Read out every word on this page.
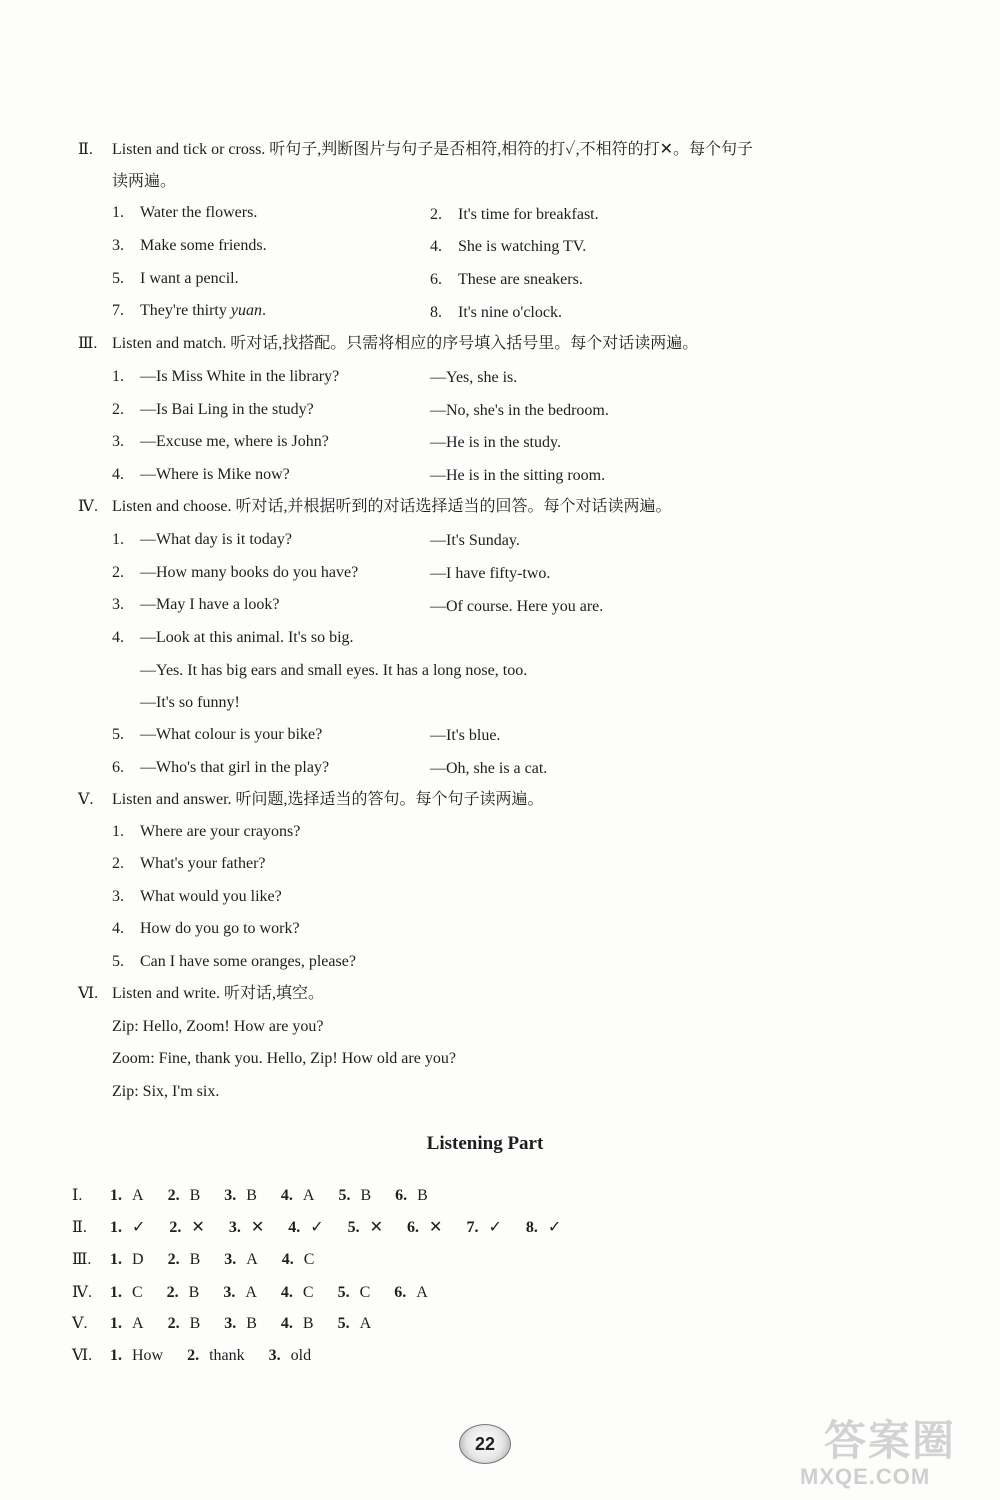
Ⅱ. Listen and tick or cross. 听句子,判断图片与句子是否相符,相符的打✓,不相符的打✕。每个句子
读两遍。
1. Water the flowers.	2. It's time for breakfast.
3. Make some friends.	4. She is watching TV.
5. I want a pencil.	6. These are sneakers.
7. They're thirty yuan.	8. It's nine o'clock.
Ⅲ. Listen and match. 听对话,找搭配。只需将相应的序号填入括号里。每个对话读两遍。
1. —Is Miss White in the library?	—Yes, she is.
2. —Is Bai Ling in the study?	—No, she's in the bedroom.
3. —Excuse me, where is John?	—He is in the study.
4. —Where is Mike now?	—He is in the sitting room.
Ⅳ. Listen and choose. 听对话,并根据听到的对话选择适当的回答。每个对话读两遍。
1. —What day is it today?	—It's Sunday.
2. —How many books do you have?	—I have fifty-two.
3. —May I have a look?	—Of course. Here you are.
4. —Look at this animal. It's so big.
—Yes. It has big ears and small eyes. It has a long nose, too.
—It's so funny!
5. —What colour is your bike?	—It's blue.
6. —Who's that girl in the play?	—Oh, she is a cat.
Ⅴ. Listen and answer. 听问题,选择适当的答句。每个句子读两遍。
1. Where are your crayons?
2. What's your father?
3. What would you like?
4. How do you go to work?
5. Can I have some oranges, please?
Ⅵ. Listen and write. 听对话,填空。
Zip: Hello, Zoom! How are you?
Zoom: Fine, thank you. Hello, Zip! How old are you?
Zip: Six, I'm six.
Listening Part
Ⅰ. 1. A 2. B 3. B 4. A 5. B 6. B
Ⅱ. 1. ✓ 2. ✕ 3. ✕ 4. ✓ 5. ✕ 6. ✕ 7. ✓ 8. ✓
Ⅲ. 1. D 2. B 3. A 4. C
Ⅳ. 1. C 2. B 3. A 4. C 5. C 6. A
Ⅴ. 1. A 2. B 3. B 4. B 5. A
Ⅵ. 1. How 2. thank 3. old
22	答案圈
MXQE.COM
